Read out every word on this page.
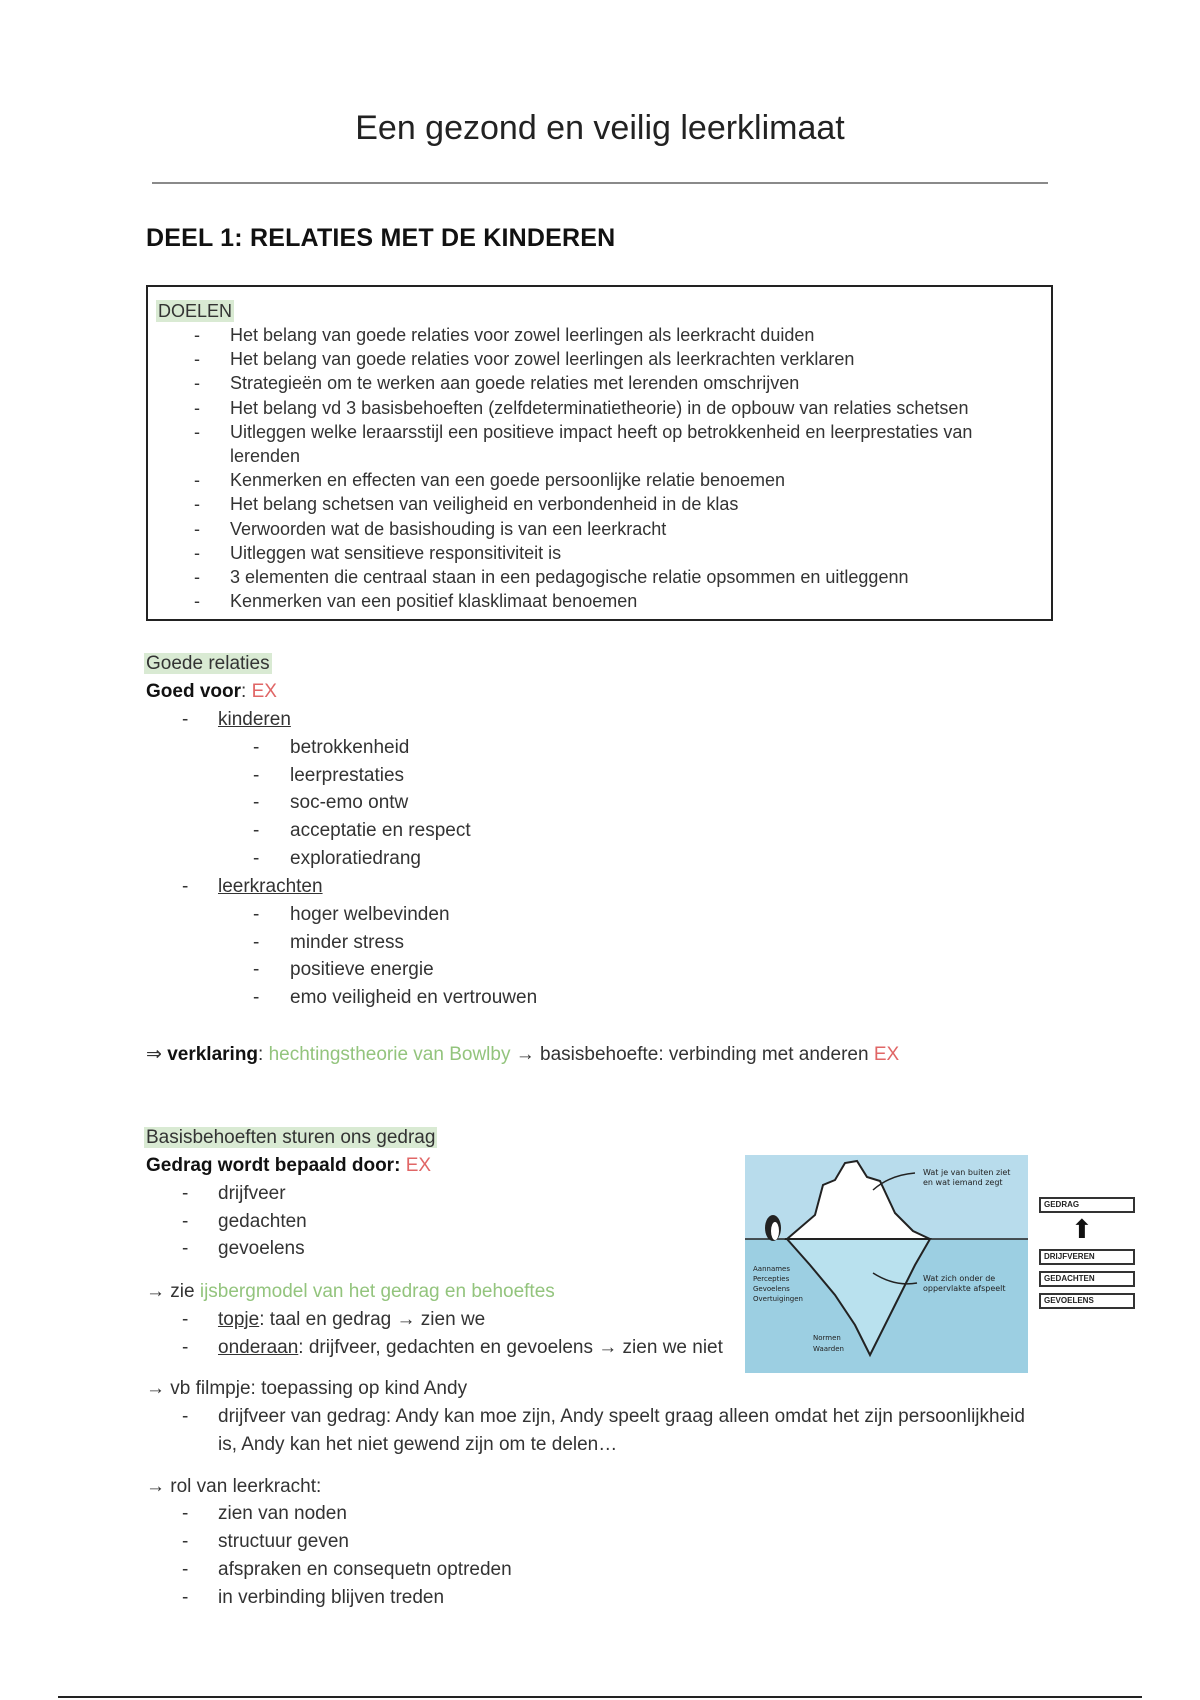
Een gezond en veilig leerklimaat
DEEL 1: RELATIES MET DE KINDEREN
DOELEN
- Het belang van goede relaties voor zowel leerlingen als leerkracht duiden
- Het belang van goede relaties voor zowel leerlingen als leerkrachten verklaren
- Strategieën om te werken aan goede relaties met lerenden omschrijven
- Het belang vd 3 basisbehoeften (zelfdeterminatietheorie) in de opbouw van relaties schetsen
- Uitleggen welke leraarsstijl een positieve impact heeft op betrokkenheid en leerprestaties van lerenden
- Kenmerken en effecten van een goede persoonlijke relatie benoemen
- Het belang schetsen van veiligheid en verbondenheid in de klas
- Verwoorden wat de basishouding is van een leerkracht
- Uitleggen wat sensitieve responsitiviteit is
- 3 elementen die centraal staan in een pedagogische relatie opsommen en uitleggenn
- Kenmerken van een positief klasklimaat benoemen
Goede relaties
Goed voor: EX
- kinderen
- betrokkenheid
- leerprestaties
- soc-emo ontw
- acceptatie en respect
- exploratiedrang
- leerkrachten
- hoger welbevinden
- minder stress
- positieve energie
- emo veiligheid en vertrouwen
⇒ verklaring: hechtingstheorie van Bowlby → basisbehoefte: verbinding met anderen EX
Basisbehoeften sturen ons gedrag
Gedrag wordt bepaald door: EX
- drijfveer
- gedachten
- gevoelens
→ zie ijsbergmodel van het gedrag en behoeftes
- topje: taal en gedrag → zien we
- onderaan: drijfveer, gedachten en gevoelens → zien we niet
→ vb filmpje: toepassing op kind Andy
- drijfveer van gedrag: Andy kan moe zijn, Andy speelt graag alleen omdat het zijn persoonlijkheid
is, Andy kan het niet gewend zijn om te delen…
→ rol van leerkracht:
- zien van noden
- structuur geven
- afspraken en consequetn optreden
- in verbinding blijven treden
Wat je van buiten ziet
en wat iemand zegt
Wat zich onder de
oppervlakte afspeelt
Aannames
Percepties
Gevoelens
Overtuigingen
Normen
Waarden
GEDRAG
⬆
DRIJFVEREN
GEDACHTEN
GEVOELENS
